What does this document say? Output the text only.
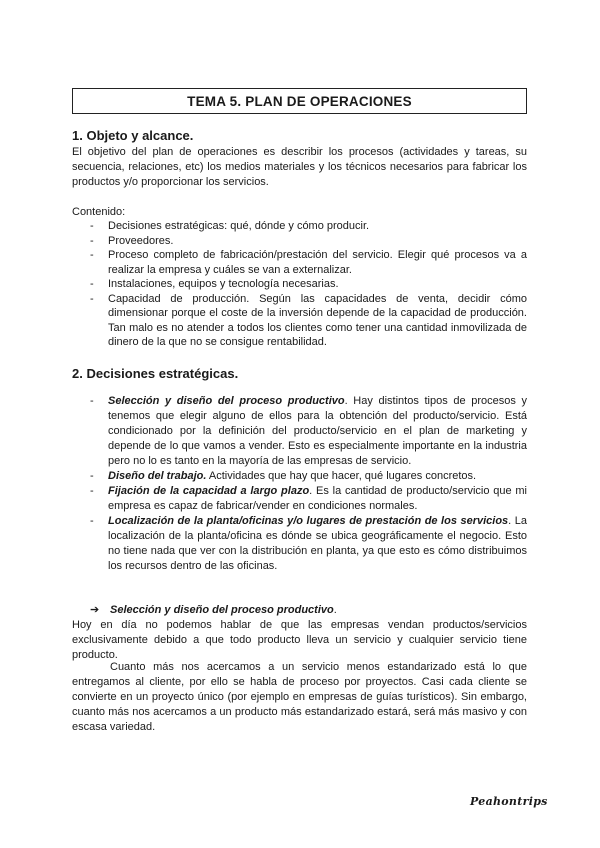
TEMA 5. PLAN DE OPERACIONES
1. Objeto y alcance.

El objetivo del plan de operaciones es describir los procesos (actividades y tareas, su secuencia, relaciones, etc) los medios materiales y los técnicos necesarios para fabricar los productos y/o proporcionar los servicios.

Contenido:
- Decisiones estratégicas: qué, dónde y cómo producir.
- Proveedores.
- Proceso completo de fabricación/prestación del servicio. Elegir qué procesos va a realizar la empresa y cuáles se van a externalizar.
- Instalaciones, equipos y tecnología necesarias.
- Capacidad de producción. Según las capacidades de venta, decidir cómo dimensionar porque el coste de la inversión depende de la capacidad de producción. Tan malo es no atender a todos los clientes como tener una cantidad inmovilizada de dinero de la que no se consigue rentabilidad.
2. Decisiones estratégicas.
- Selección y diseño del proceso productivo. Hay distintos tipos de procesos y tenemos que elegir alguno de ellos para la obtención del producto/servicio. Está condicionado por la definición del producto/servicio en el plan de marketing y depende de lo que vamos a vender. Esto es especialmente importante en la industria pero no lo es tanto en la mayoría de las empresas de servicio.
- Diseño del trabajo. Actividades que hay que hacer, qué lugares concretos.
- Fijación de la capacidad a largo plazo. Es la cantidad de producto/servicio que mi empresa es capaz de fabricar/vender en condiciones normales.
- Localización de la planta/oficinas y/o lugares de prestación de los servicios. La localización de la planta/oficina es dónde se ubica geográficamente el negocio. Esto no tiene nada que ver con la distribución en planta, ya que esto es cómo distribuimos los recursos dentro de las oficinas.
➔ Selección y diseño del proceso productivo.

Hoy en día no podemos hablar de que las empresas vendan productos/servicios exclusivamente debido a que todo producto lleva un servicio y cualquier servicio tiene producto.

Cuanto más nos acercamos a un servicio menos estandarizado está lo que entregamos al cliente, por ello se habla de proceso por proyectos. Casi cada cliente se convierte en un proyecto único (por ejemplo en empresas de guías turísticos). Sin embargo, cuanto más nos acercamos a un producto más estandarizado estará, será más masivo y con escasa variedad.

Peahontrips
